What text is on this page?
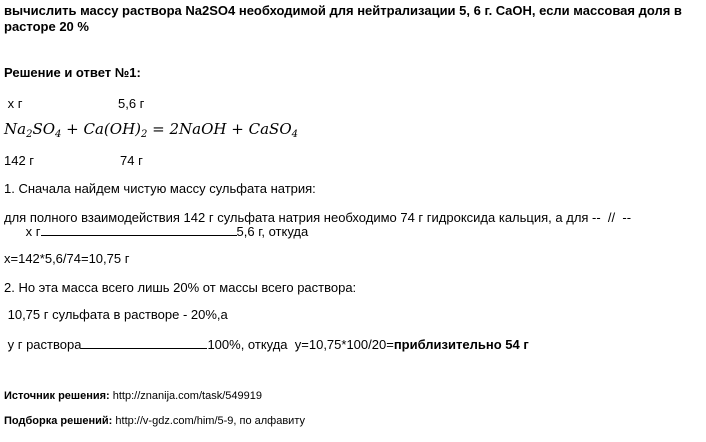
вычислить массу раствора Na2SO4 необходимой для нейтрализации 5, 6 г. CaOH, если массовая доля в расторе 20 %
Решение и ответ №1:
x г	5,6 г
$Na_2SO_4 + Ca(OH)_2$ = 2NaOH + CaSO$_4$
142 г	74 г
1. Сначала найдем чистую массу сульфата натрия:
для полного взаимодействия 142 г сульфата натрия необходимо 74 г гидроксида кальция, а для --  //  --
х г	5,6 г, откуда
x=142*5,6/74=10,75 г
2. Но эта масса всего лишь 20% от массы всего раствора:
10,75 г сульфата в растворе - 20%,а
у г раствора	100%, откуда  у=10,75*100/20=приблизительно 54 г
Источник решения: http://znanija.com/task/549919
Подборка решений: http://v-gdz.com/him/5-9, по алфавиту
